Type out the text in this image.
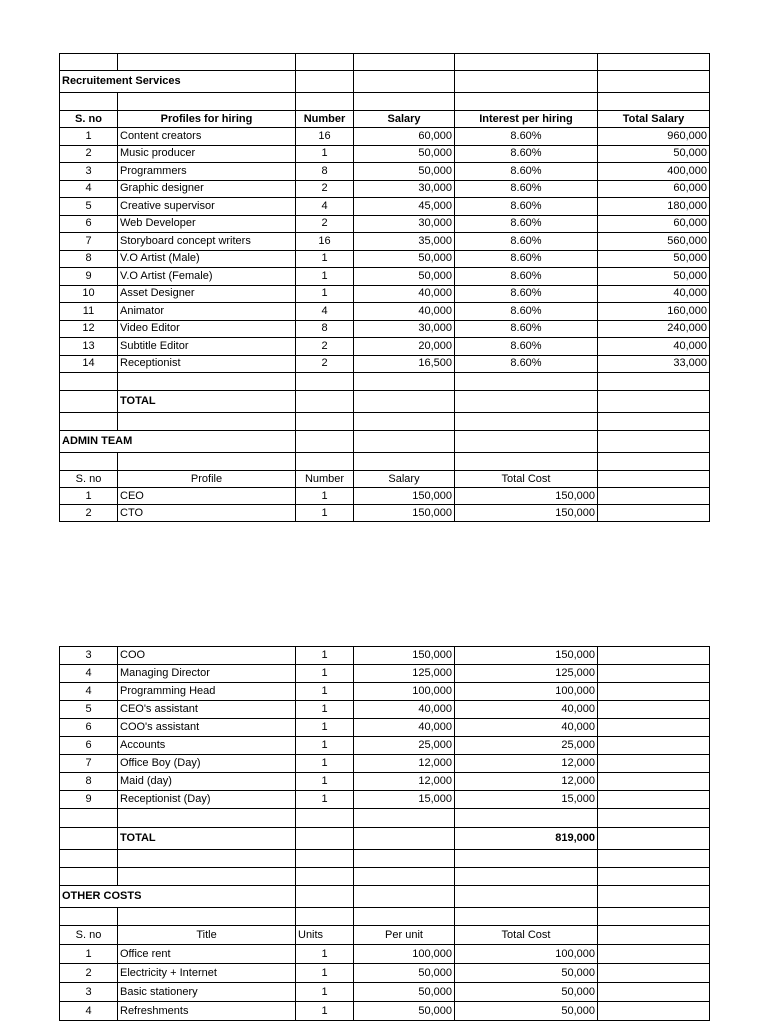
Recruitement Services					

S. no	Profiles for hiring	Number	Salary	Interest per hiring	Total Salary
1	Content creators	16	60,000	8.60%	960,000
2	Music producer	1	50,000	8.60%	50,000
3	Programmers	8	50,000	8.60%	400,000
4	Graphic designer	2	30,000	8.60%	60,000
5	Creative supervisor	4	45,000	8.60%	180,000
6	Web Developer	2	30,000	8.60%	60,000
7	Storyboard concept writers	16	35,000	8.60%	560,000
8	V.O Artist (Male)	1	50,000	8.60%	50,000
9	V.O Artist (Female)	1	50,000	8.60%	50,000
10	Asset Designer	1	40,000	8.60%	40,000
11	Animator	4	40,000	8.60%	160,000
12	Video Editor	8	30,000	8.60%	240,000
13	Subtitle Editor	2	20,000	8.60%	40,000
14	Receptionist	2	16,500	8.60%	33,000

	TOTAL				

ADMIN TEAM					

S. no	Profile	Number	Salary	Total Cost	
1	CEO	1	150,000	150,000	
2	CTO	1	150,000	150,000	
3	COO	1	150,000	150,000	
4	Managing Director	1	125,000	125,000	
4	Programming Head	1	100,000	100,000	
5	CEO's assistant	1	40,000	40,000	
6	COO's assistant	1	40,000	40,000	
6	Accounts	1	25,000	25,000	
7	Office Boy (Day)	1	12,000	12,000	
8	Maid (day)	1	12,000	12,000	
9	Receptionist (Day)	1	15,000	15,000	

	TOTAL			819,000	

OTHER COSTS					

S. no	Title	Units	Per unit	Total Cost	
1	Office rent	1	100,000	100,000	
2	Electricity + Internet	1	50,000	50,000	
3	Basic stationery	1	50,000	50,000	
4	Refreshments	1	50,000	50,000	
